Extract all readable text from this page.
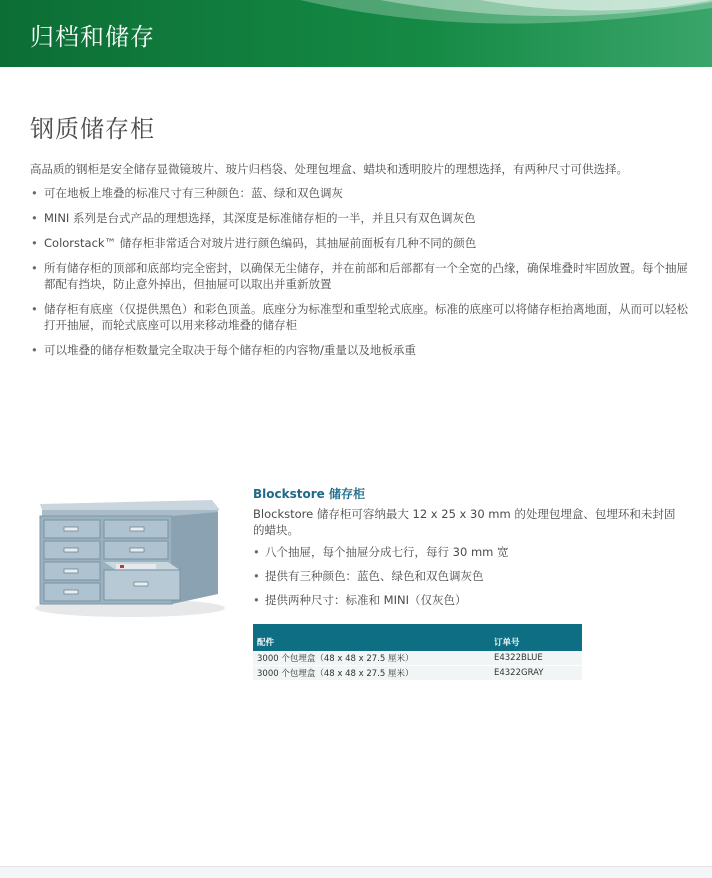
归档和储存
钢质储存柜
高品质的钢柜是安全储存显微镜玻片、玻片归档袋、处理包埋盒、蜡块和透明胶片的理想选择，有两种尺寸可供选择。
• 可在地板上堆叠的标准尺寸有三种颜色：蓝、绿和双色调灰
• MINI 系列是台式产品的理想选择，其深度是标准储存柜的一半，并且只有双色调灰色
• Colorstack™ 储存柜非常适合对玻片进行颜色编码，其抽屉前面板有几种不同的颜色
• 所有储存柜的顶部和底部均完全密封，以确保无尘储存，并在前部和后部都有一个全宽的凸缘，确保堆叠时牢固放置。每个抽屉都配有挡块，防止意外掉出，但抽屉可以取出并重新放置
• 储存柜有底座（仅提供黑色）和彩色顶盖。底座分为标准型和重型轮式底座。标准的底座可以将储存柜抬离地面，从而可以轻松打开抽屉，而轮式底座可以用来移动堆叠的储存柜
• 可以堆叠的储存柜数量完全取决于每个储存柜的内容物/重量以及地板承重
Blockstore 储存柜
Blockstore 储存柜可容纳最大 12 x 25 x 30 mm 的处理包埋盒、包埋环和未封固的蜡块。
• 八个抽屉，每个抽屉分成七行，每行 30 mm 宽
• 提供有三种颜色：蓝色、绿色和双色调灰色
• 提供两种尺寸：标准和 MINI（仅灰色）
配件	订单号
3000 个包埋盒（48 x 48 x 27.5 厘米）	E4322BLUE
3000 个包埋盒（48 x 48 x 27.5 厘米）	E4322GRAY
